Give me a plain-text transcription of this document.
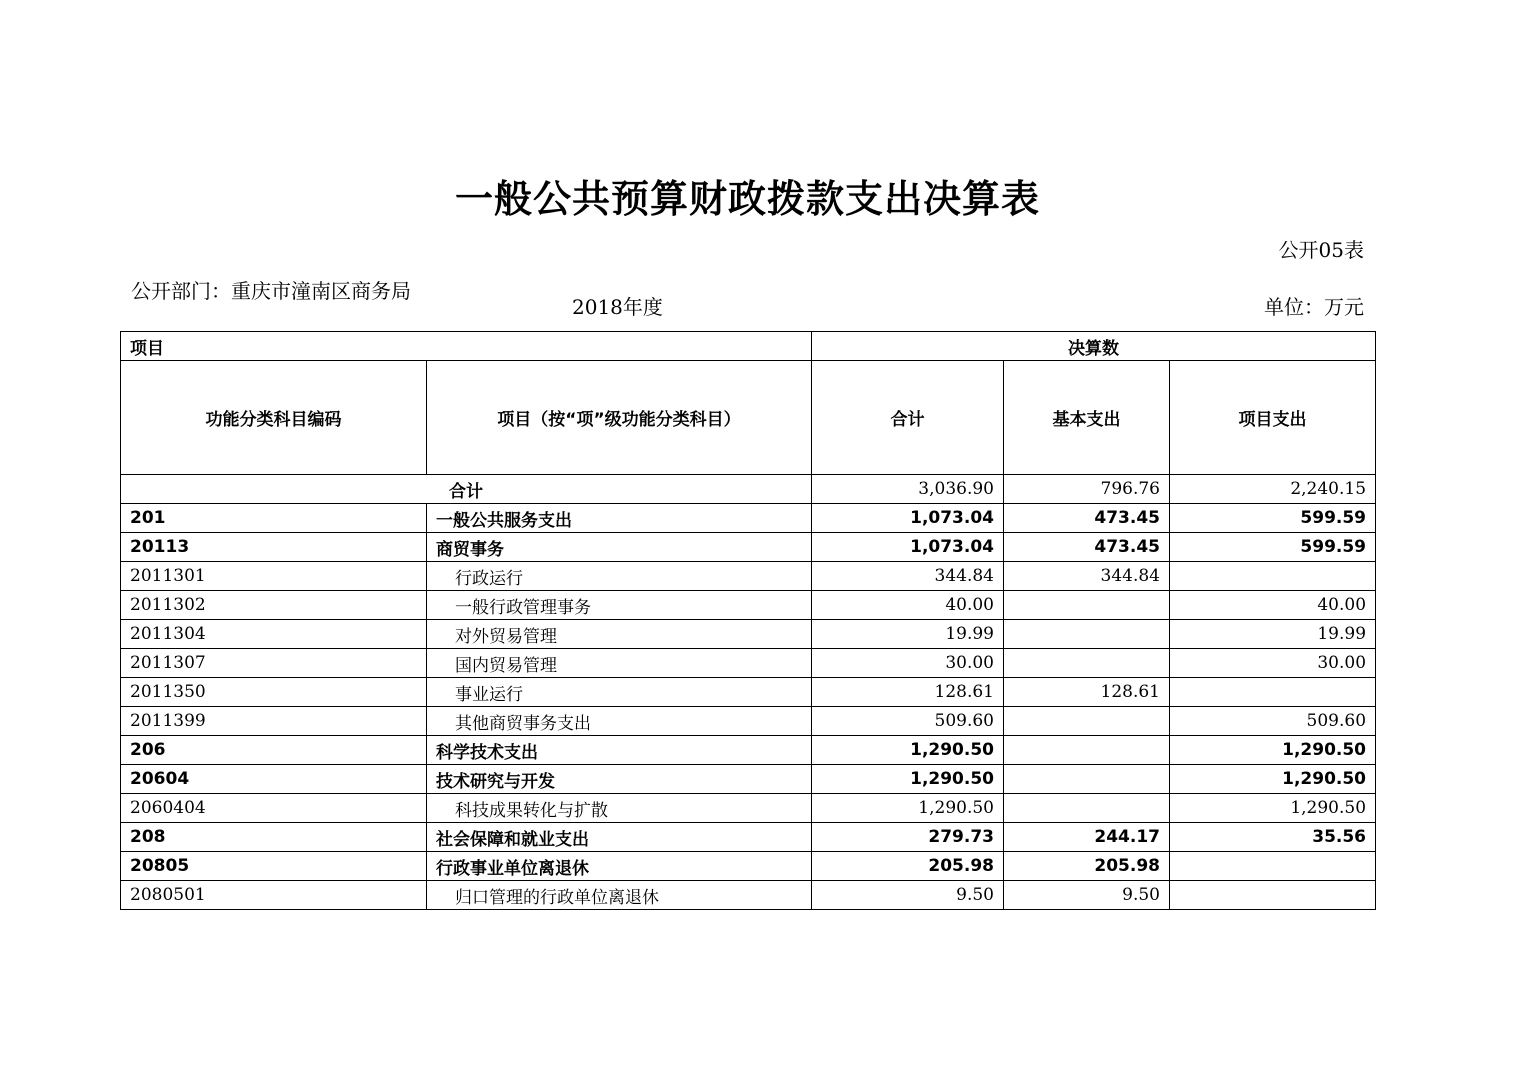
一般公共预算财政拨款支出决算表
公开05表
公开部门：重庆市潼南区商务局
2018年度	单位：万元
项目		决算数		
功能分类科目编码	项目（按“项”级功能分类科目）	合计	基本支出	项目支出
合计		3,036.90	796.76	2,240.15
201	一般公共服务支出	1,073.04	473.45	599.59
20113	商贸事务	1,073.04	473.45	599.59
2011301	行政运行	344.84	344.84	
2011302	一般行政管理事务	40.00		40.00
2011304	对外贸易管理	19.99		19.99
2011307	国内贸易管理	30.00		30.00
2011350	事业运行	128.61	128.61	
2011399	其他商贸事务支出	509.60		509.60
206	科学技术支出	1,290.50		1,290.50
20604	技术研究与开发	1,290.50		1,290.50
2060404	科技成果转化与扩散	1,290.50		1,290.50
208	社会保障和就业支出	279.73	244.17	35.56
20805	行政事业单位离退休	205.98	205.98	
2080501	归口管理的行政单位离退休	9.50	9.50	
